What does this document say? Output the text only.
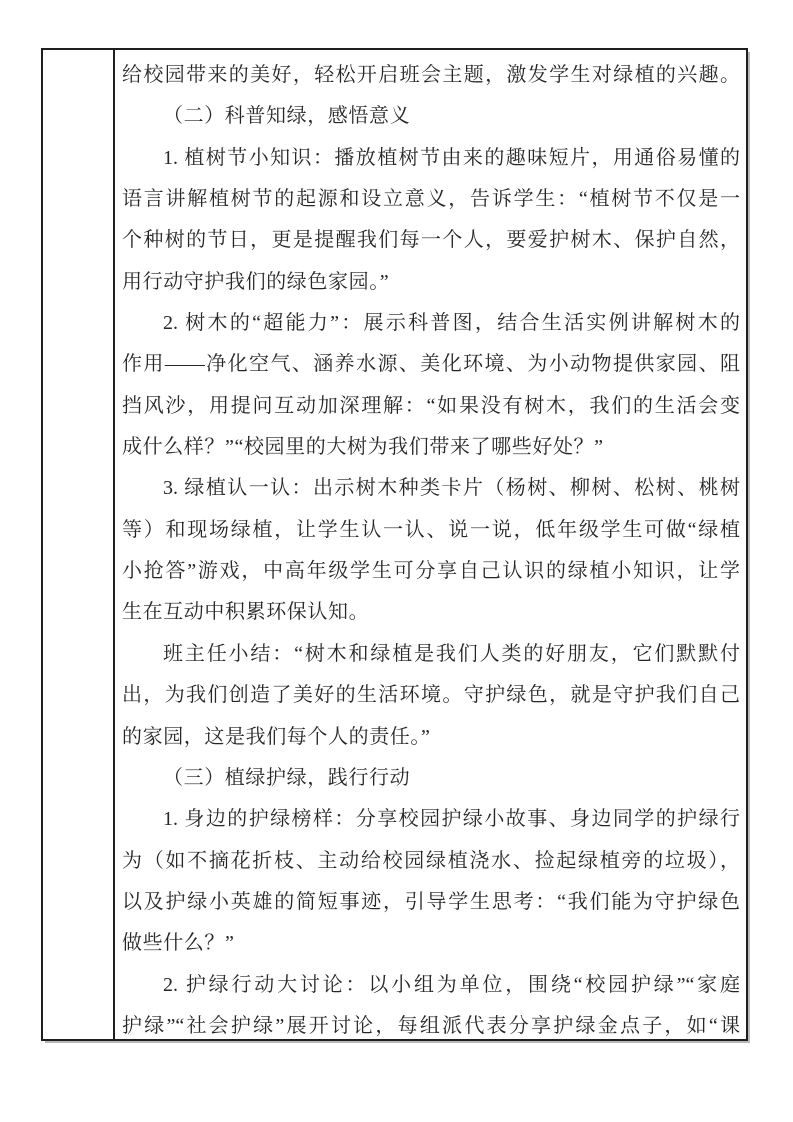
给校园带来的美好，轻松开启班会主题，激发学生对绿植的兴趣。
（二）科普知绿，感悟意义
1. 植树节小知识：播放植树节由来的趣味短片，用通俗易懂的
语言讲解植树节的起源和设立意义，告诉学生：“植树节不仅是一
个种树的节日，更是提醒我们每一个人，要爱护树木、保护自然，
用行动守护我们的绿色家园。”
2. 树木的“超能力”：展示科普图，结合生活实例讲解树木的
作用——净化空气、涵养水源、美化环境、为小动物提供家园、阻
挡风沙，用提问互动加深理解：“如果没有树木，我们的生活会变
成什么样？”“校园里的大树为我们带来了哪些好处？”
3. 绿植认一认：出示树木种类卡片（杨树、柳树、松树、桃树
等）和现场绿植，让学生认一认、说一说，低年级学生可做“绿植
小抢答”游戏，中高年级学生可分享自己认识的绿植小知识，让学
生在互动中积累环保认知。
班主任小结：“树木和绿植是我们人类的好朋友，它们默默付
出，为我们创造了美好的生活环境。守护绿色，就是守护我们自己
的家园，这是我们每个人的责任。”
（三）植绿护绿，践行行动
1. 身边的护绿榜样：分享校园护绿小故事、身边同学的护绿行
为（如不摘花折枝、主动给校园绿植浇水、捡起绿植旁的垃圾），
以及护绿小英雄的简短事迹，引导学生思考：“我们能为守护绿色
做些什么？”
2. 护绿行动大讨论：以小组为单位，围绕“校园护绿”“家庭
护绿”“社会护绿”展开讨论，每组派代表分享护绿金点子，如“课
